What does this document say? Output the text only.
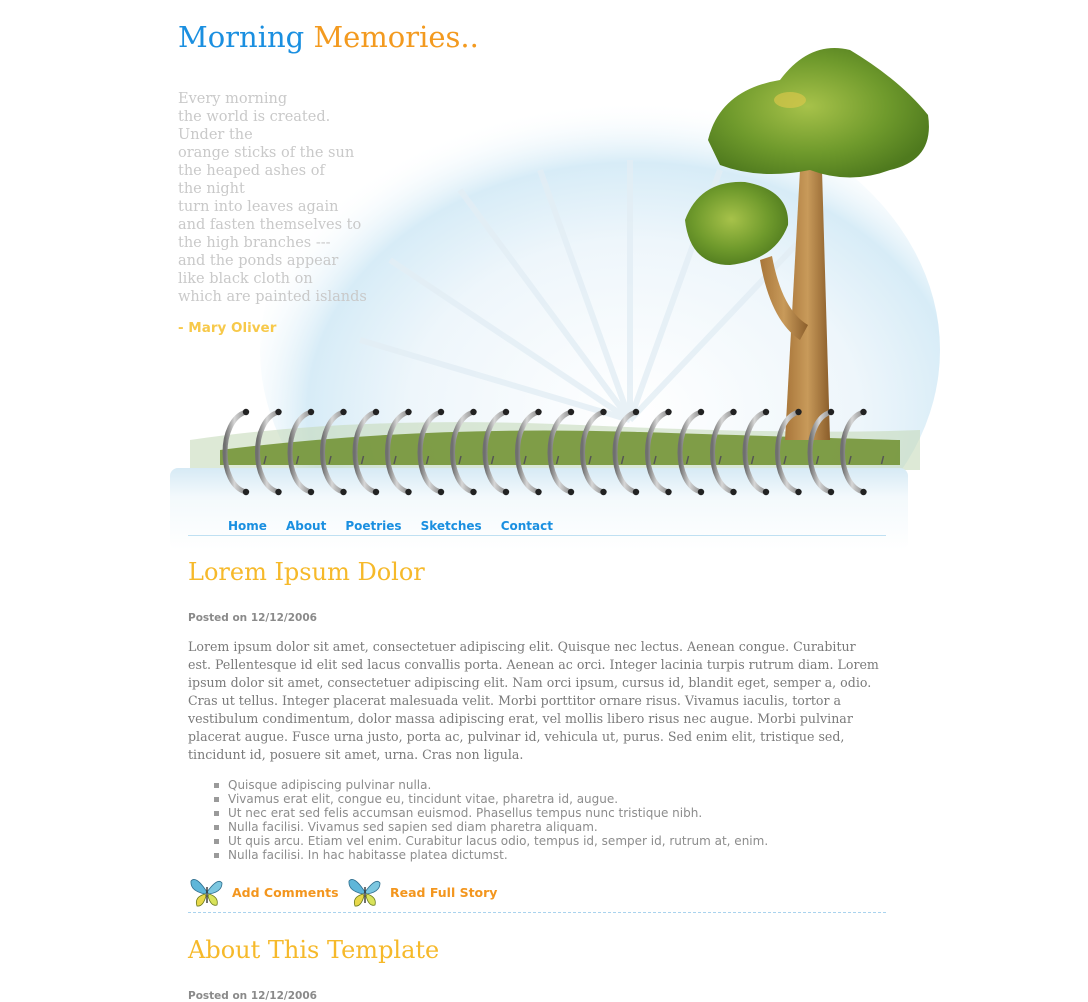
Morning Memories..
Every morning
the world is created.
Under the
orange sticks of the sun
the heaped ashes of
the night
turn into leaves again
and fasten themselves to
the high branches ---
and the ponds appear
like black cloth on
which are painted islands
- Mary Oliver
Home About Poetries Sketches Contact
Lorem Ipsum Dolor
Posted on 12/12/2006

Lorem ipsum dolor sit amet, consectetuer adipiscing elit. Quisque nec lectus. Aenean congue. Curabitur est. Pellentesque id elit sed lacus convallis porta. Aenean ac orci. Integer lacinia turpis rutrum diam. Lorem ipsum dolor sit amet, consectetuer adipiscing elit. Nam orci ipsum, cursus id, blandit eget, semper a, odio. Cras ut tellus. Integer placerat malesuada velit. Morbi porttitor ornare risus. Vivamus iaculis, tortor a vestibulum condimentum, dolor massa adipiscing erat, vel mollis libero risus nec augue. Morbi pulvinar placerat augue. Fusce urna justo, porta ac, pulvinar id, vehicula ut, purus. Sed enim elit, tristique sed, tincidunt id, posuere sit amet, urna. Cras non ligula.

Quisque adipiscing pulvinar nulla.
Vivamus erat elit, congue eu, tincidunt vitae, pharetra id, augue.
Ut nec erat sed felis accumsan euismod. Phasellus tempus nunc tristique nibh.
Nulla facilisi. Vivamus sed sapien sed diam pharetra aliquam.
Ut quis arcu. Etiam vel enim. Curabitur lacus odio, tempus id, semper id, rutrum at, enim.
Nulla facilisi. In hac habitasse platea dictumst.
Add Comments	Read Full Story
About This Template
Posted on 12/12/2006
